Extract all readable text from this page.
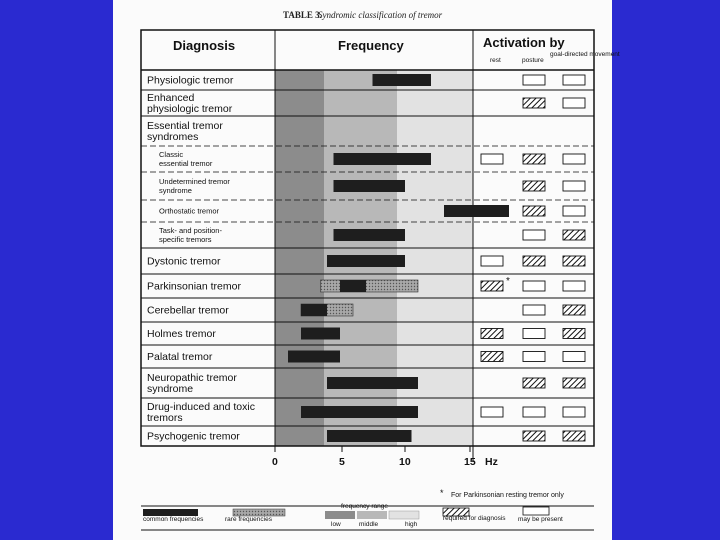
TABLE 3.
Syndromic classification of tremor
Diagnosis	Frequency	Activation by
rest	posture
goal-directed movement
Physiologic tremor
Enhanced
physiologic tremor
Essential tremor
syndromes
Classic
essential tremor
Undetermined tremor
syndrome
Orthostatic tremor
Task- and position-
specific tremors
Dystonic tremor
Parkinsonian tremor
Cerebellar tremor
Holmes tremor
Palatal tremor
Neuropathic tremor
syndrome
Drug-induced and toxic
tremors
Psychogenic tremor
*
0	5	10	15 Hz
* For Parkinsonian resting tremor only
common frequencies	rare frequencies
frequency range
low	middle	high
required for diagnosis may be present
